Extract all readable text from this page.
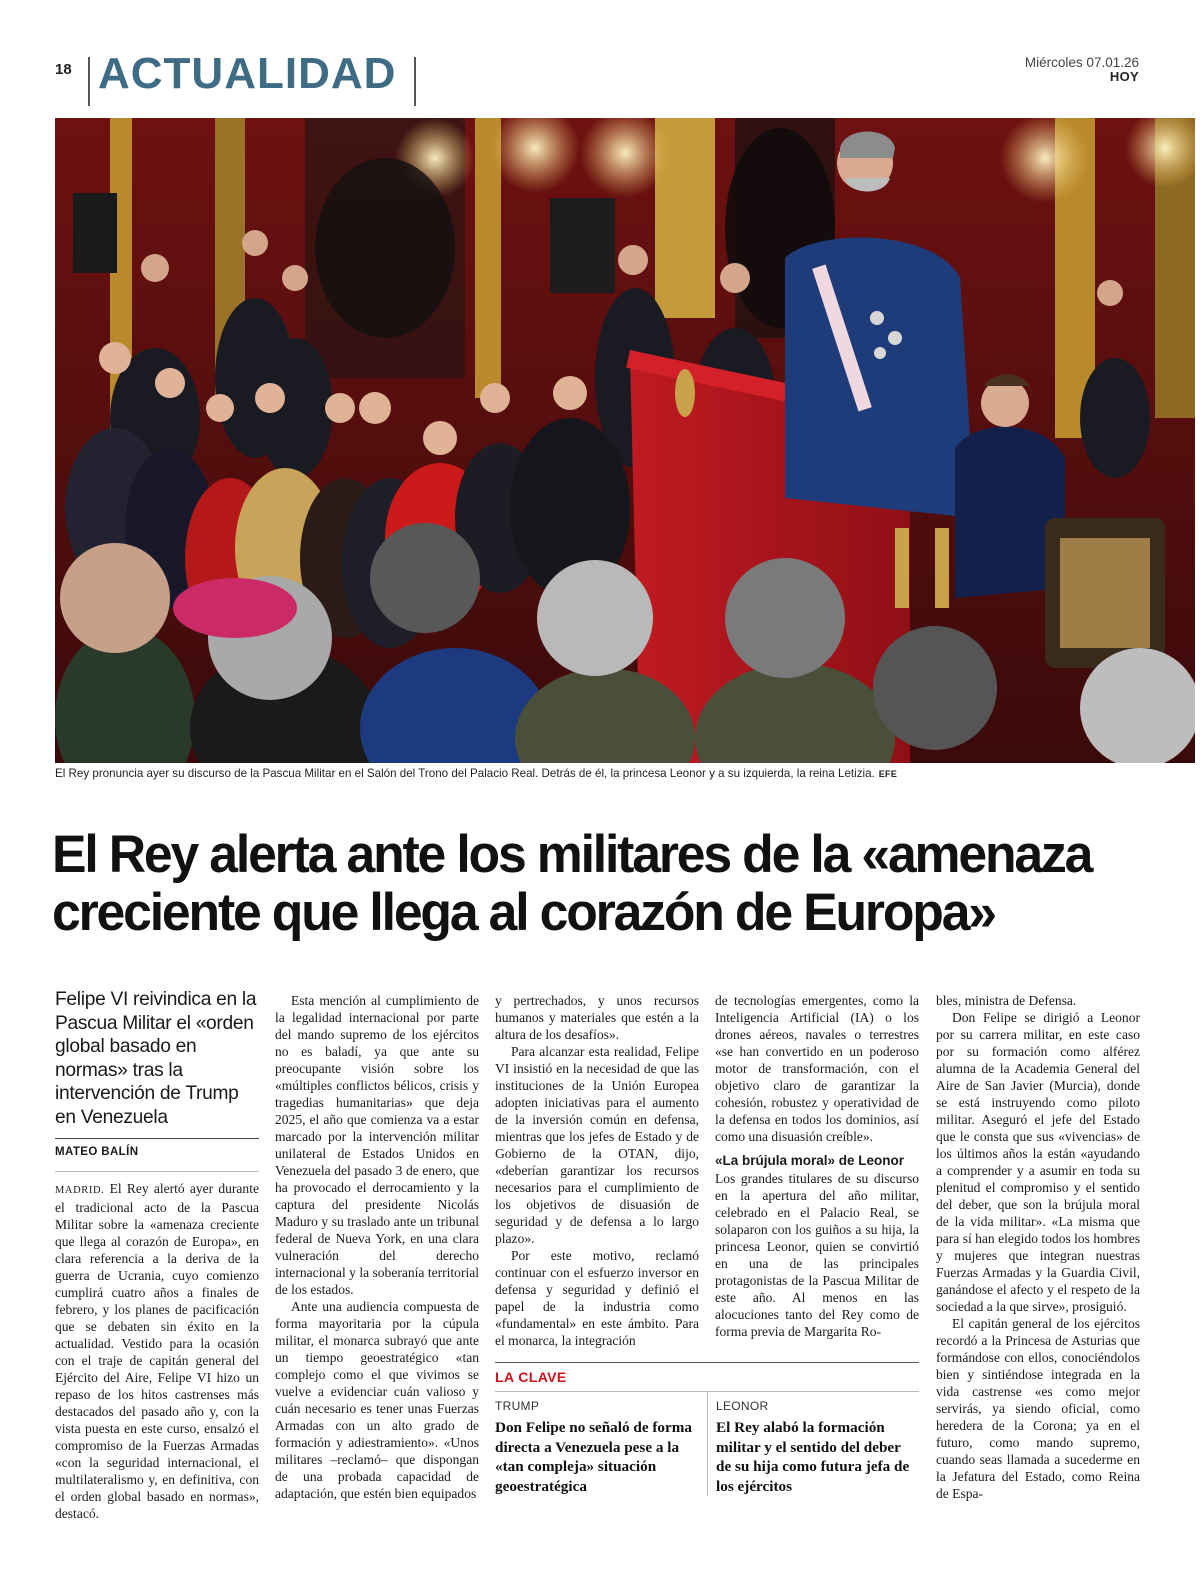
18 ACTUALIDAD	Miércoles 07.01.26
HOY
El Rey pronuncia ayer su discurso de la Pascua Militar en el Salón del Trono del Palacio Real. Detrás de él, la princesa Leonor y a su izquierda, la reina Letizia. EFE
El Rey alerta ante los militares de la «amenaza
creciente que llega al corazón de Europa»
Felipe VI reivindica en la Pascua Militar el «orden global basado en normas» tras la intervención de Trump en Venezuela
MATEO BALÍN

MADRID. El Rey alertó ayer durante el tradicional acto de la Pascua Militar sobre la «amenaza creciente que llega al corazón de Europa», en clara referencia a la deriva de la guerra de Ucrania, cuyo comienzo cumplirá cuatro años a finales de febrero, y los planes de pacificación que se debaten sin éxito en la actualidad. Vestido para la ocasión con el traje de capitán general del Ejército del Aire, Felipe VI hizo un repaso de los hitos castrenses más destacados del pasado año y, con la vista puesta en este curso, ensalzó el compromiso de la Fuerzas Armadas «con la seguridad internacional, el multilateralismo y, en definitiva, con el orden global basado en normas», destacó.

Esta mención al cumplimiento de la legalidad internacional por parte del mando supremo de los ejércitos no es baladí, ya que ante su preocupante visión sobre los «múltiples conflictos bélicos, crisis y tragedias humanitarias» que deja 2025, el año que comienza va a estar marcado por la intervención militar unilateral de Estados Unidos en Venezuela del pasado 3 de enero, que ha provocado el derrocamiento y la captura del presidente Nicolás Maduro y su traslado ante un tribunal federal de Nueva York, en una clara vulneración del derecho internacional y la soberanía territorial de los estados.

Ante una audiencia compuesta de forma mayoritaria por la cúpula militar, el monarca subrayó que ante un tiempo geoestratégico «tan complejo como el que vivimos se vuelve a evidenciar cuán valioso y cuán necesario es tener unas Fuerzas Armadas con un alto grado de formación y adiestramiento». «Unos militares –reclamó– que dispongan de una probada capacidad de adaptación, que estén bien equipados

y pertrechados, y unos recursos humanos y materiales que estén a la altura de los desafíos».

Para alcanzar esta realidad, Felipe VI insistió en la necesidad de que las instituciones de la Unión Europea adopten iniciativas para el aumento de la inversión común en defensa, mientras que los jefes de Estado y de Gobierno de la OTAN, dijo, «deberían garantizar los recursos necesarios para el cumplimiento de los objetivos de disuasión de seguridad y de defensa a lo largo plazo».

Por este motivo, reclamó continuar con el esfuerzo inversor en defensa y seguridad y definió el papel de la industria como «fundamental» en este ámbito. Para el monarca, la integración

de tecnologías emergentes, como la Inteligencia Artificial (IA) o los drones aéreos, navales o terrestres «se han convertido en un poderoso motor de transformación, con el objetivo claro de garantizar la cohesión, robustez y operatividad de la defensa en todos los dominios, así como una disuasión creíble».

«La brújula moral» de Leonor

Los grandes titulares de su discurso en la apertura del año militar, celebrado en el Palacio Real, se solaparon con los guiños a su hija, la princesa Leonor, quien se convirtió en una de las principales protagonistas de la Pascua Militar de este año. Al menos en las alocuciones tanto del Rey como de forma previa de Margarita Ro-

bles, ministra de Defensa.

Don Felipe se dirigió a Leonor por su carrera militar, en este caso por su formación como alférez alumna de la Academia General del Aire de San Javier (Murcia), donde se está instruyendo como piloto militar. Aseguró el jefe del Estado que le consta que sus «vivencias» de los últimos años la están «ayudando a comprender y a asumir en toda su plenitud el compromiso y el sentido del deber, que son la brújula moral de la vida militar». «La misma que para sí han elegido todos los hombres y mujeres que integran nuestras Fuerzas Armadas y la Guardia Civil, ganándose el afecto y el respeto de la sociedad a la que sirve», prosiguió.

El capitán general de los ejércitos recordó a la Princesa de Asturias que formándose con ellos, conociéndolos bien y sintiéndose integrada en la vida castrense «es como mejor servirás, ya siendo oficial, como heredera de la Corona; ya en el futuro, como mando supremo, cuando seas llamada a sucederme en la Jefatura del Estado, como Reina de Espa-

LA CLAVE
TRUMP
Don Felipe no señaló de forma directa a Venezuela pese a la «tan compleja» situación geoestratégica
LEONOR
El Rey alabó la formación militar y el sentido del deber de su hija como futura jefa de los ejércitos
